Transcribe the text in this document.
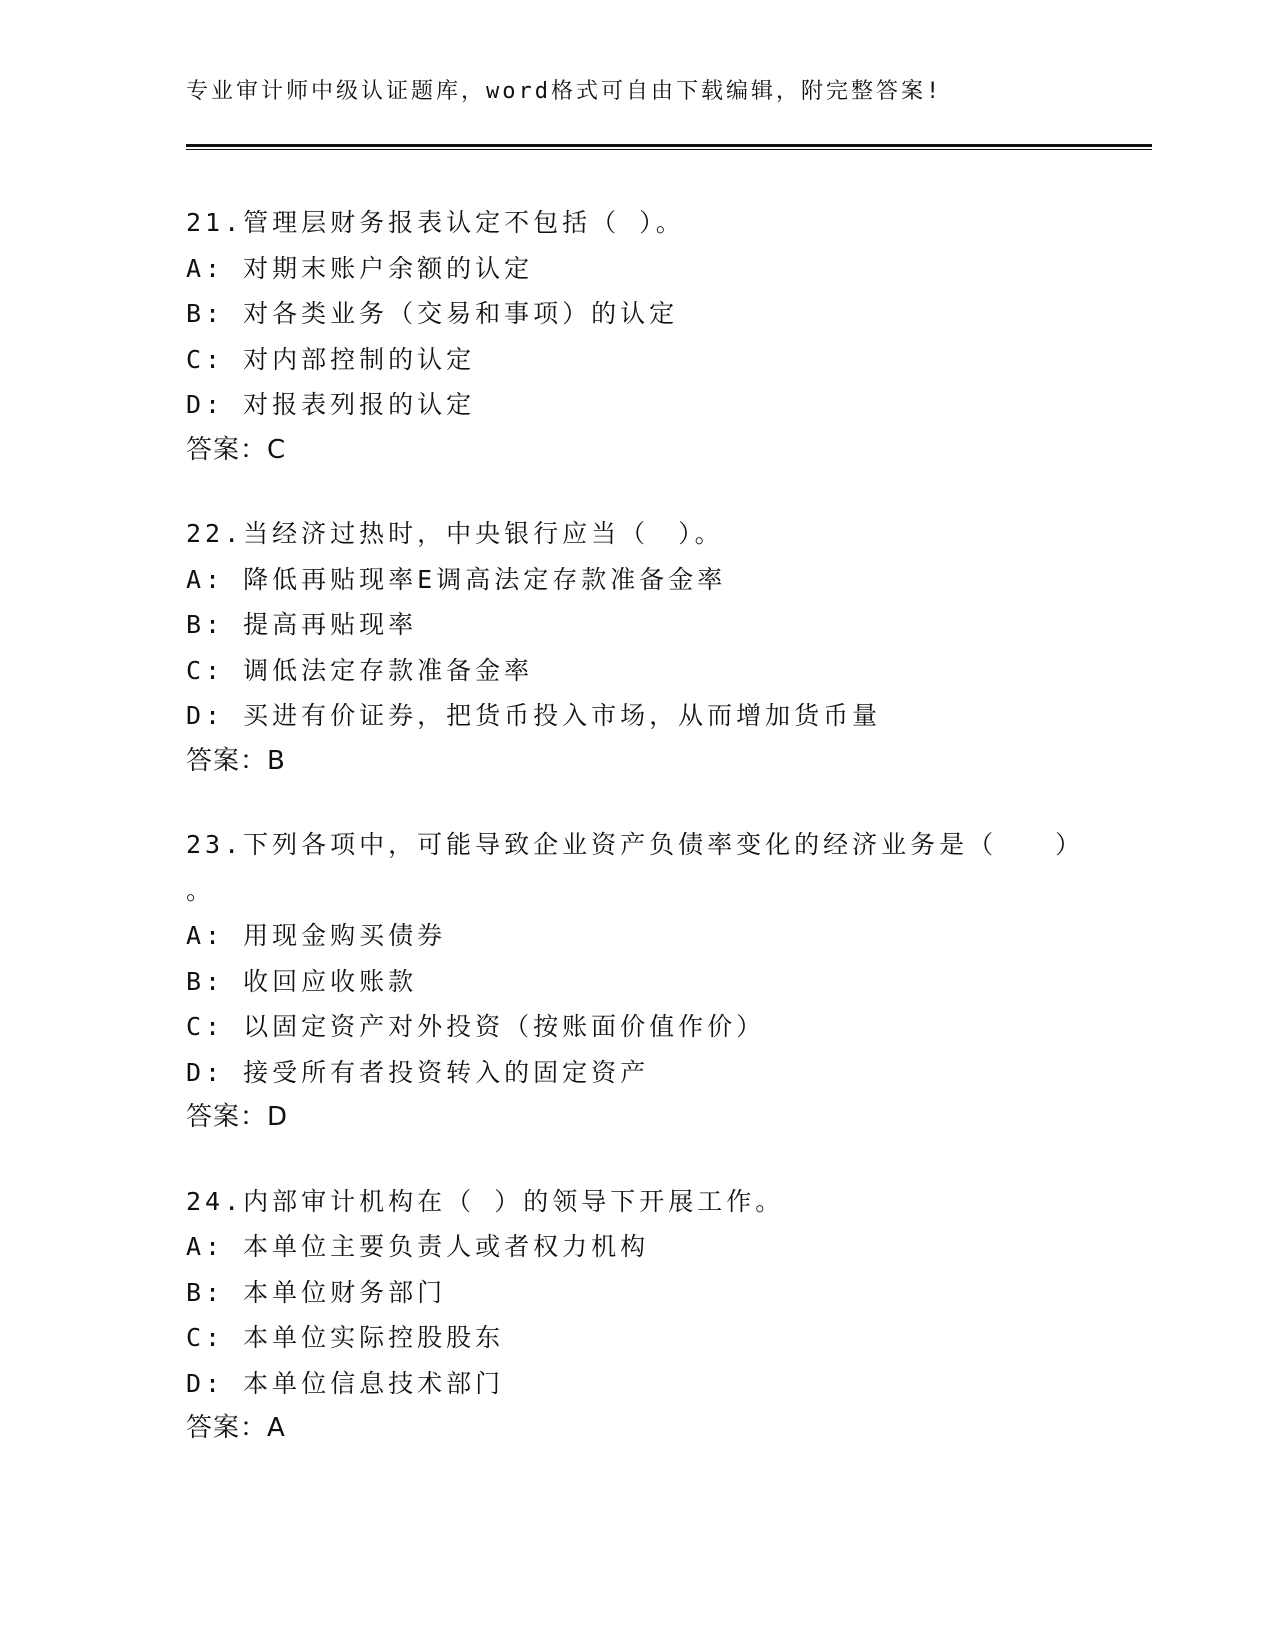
专业审计师中级认证题库，word格式可自由下载编辑，附完整答案!
21.管理层财务报表认定不包括（ ）。
A: 对期末账户余额的认定
B: 对各类业务（交易和事项）的认定
C: 对内部控制的认定
D: 对报表列报的认定
答案：C
22.当经济过热时，中央银行应当（　）。
A: 降低再贴现率E调高法定存款准备金率
B: 提高再贴现率
C: 调低法定存款准备金率
D: 买进有价证券，把货币投入市场，从而增加货币量
答案：B
23.下列各项中，可能导致企业资产负债率变化的经济业务是（　　）
。
A: 用现金购买债券
B: 收回应收账款
C: 以固定资产对外投资（按账面价值作价）
D: 接受所有者投资转入的固定资产
答案：D
24.内部审计机构在（ ）的领导下开展工作。
A: 本单位主要负责人或者权力机构
B: 本单位财务部门
C: 本单位实际控股股东
D: 本单位信息技术部门
答案：A
